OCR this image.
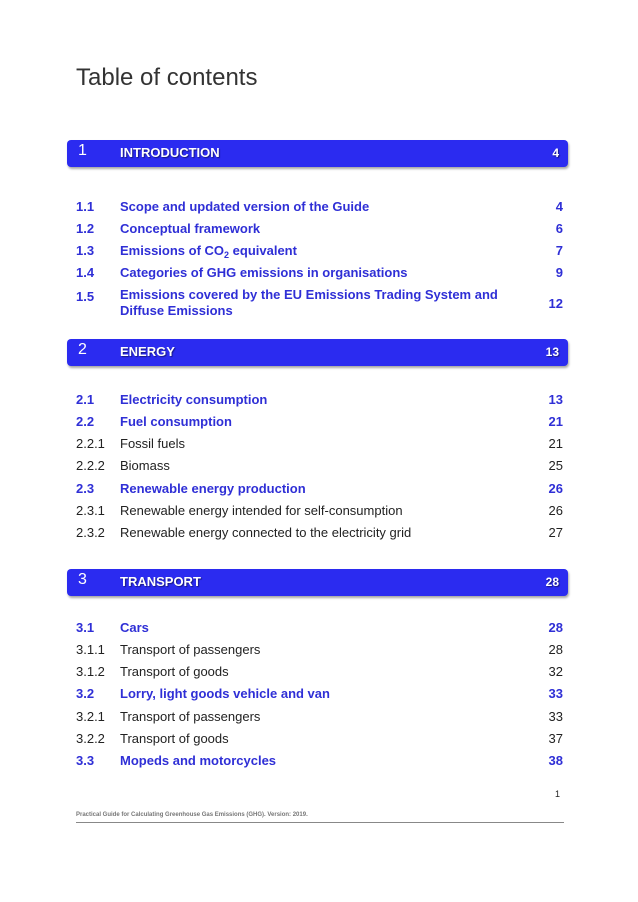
Table of contents
1	INTRODUCTION	4
1.1 Scope and updated version of the Guide	4
1.2 Conceptual framework	6
1.3 Emissions of $CO_2$ equivalent	7
1.4 Categories of GHG emissions in organisations	9
1.5 Emissions covered by the EU Emissions Trading System and Diffuse Emissions	12
2	ENERGY	13
2.1 Electricity consumption	13
2.2 Fuel consumption	21
2.2.1 Fossil fuels	21
2.2.2 Biomass	25
2.3 Renewable energy production	26
2.3.1 Renewable energy intended for self-consumption	26
2.3.2 Renewable energy connected to the electricity grid	27
3	TRANSPORT	28
3.1 Cars	28
3.1.1 Transport of passengers	28
3.1.2 Transport of goods	32
3.2 Lorry, light goods vehicle and van	33
3.2.1 Transport of passengers	33
3.2.2 Transport of goods	37
3.3 Mopeds and motorcycles	38
1
Practical Guide for Calculating Greenhouse Gas Emissions (GHG). Version: 2019.
